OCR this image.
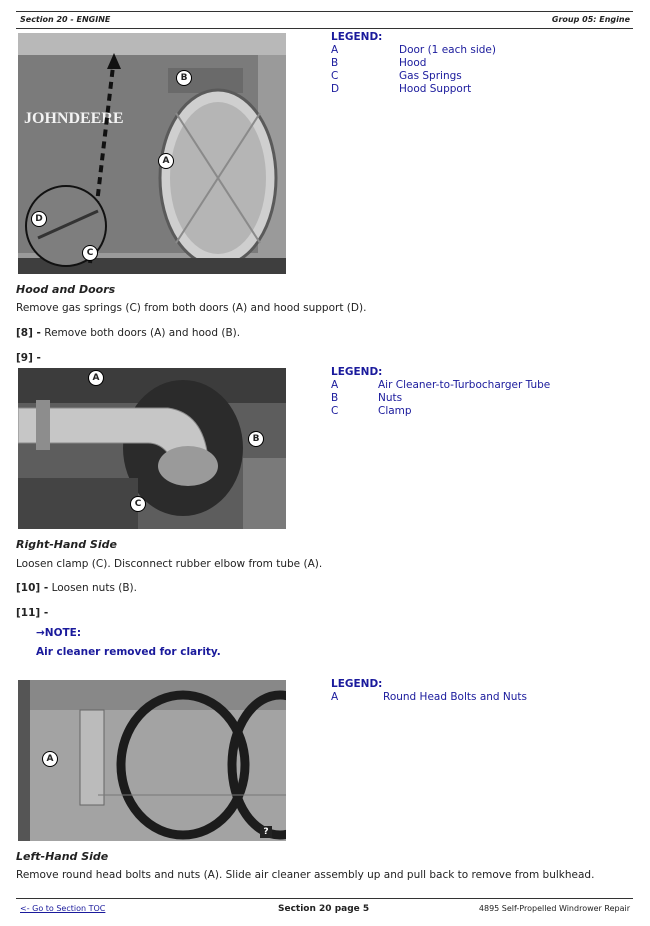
Section 20 - ENGINE	Group 05: Engine
JOHNDEERE
B
A
D
C
LEGEND:
A	Door (1 each side)
B	Hood
C	Gas Springs
D	Hood Support
Hood and Doors
Remove gas springs (C) from both doors (A) and hood support (D).
[8] - Remove both doors (A) and hood (B).
[9] -
A
B
C
LEGEND:
A	Air Cleaner-to-Turbocharger Tube
B	Nuts
C	Clamp
Right-Hand Side
Loosen clamp (C). Disconnect rubber elbow from tube (A).
[10] - Loosen nuts (B).
[11] -
→NOTE:
Air cleaner removed for clarity.
A
?
LEGEND:
A	Round Head Bolts and Nuts
Left-Hand Side
Remove round head bolts and nuts (A). Slide air cleaner assembly up and pull back to remove from bulkhead.
<- Go to Section TOC	Section 20 page 5	4895 Self-Propelled Windrower Repair
